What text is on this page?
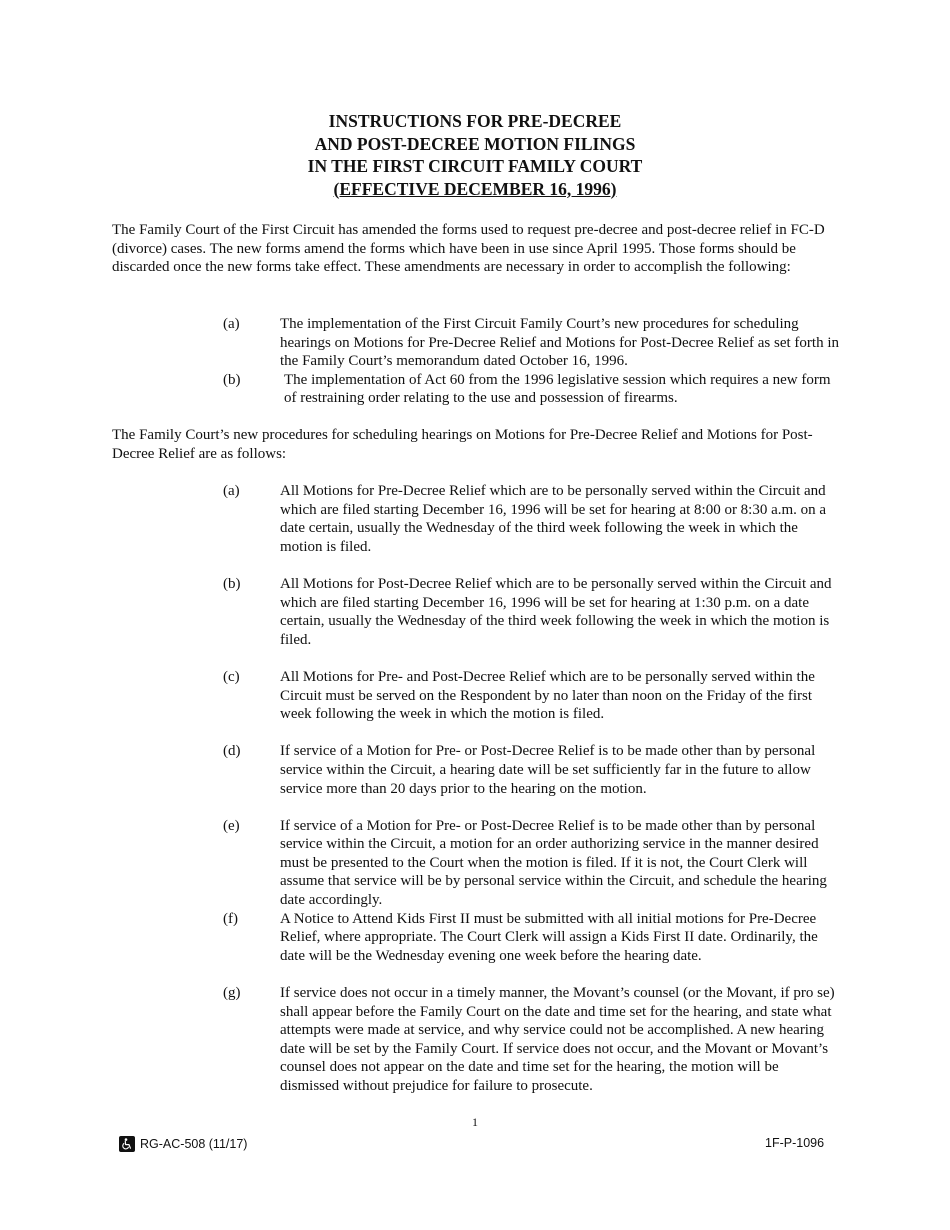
INSTRUCTIONS FOR PRE-DECREE
AND POST-DECREE MOTION FILINGS
IN THE FIRST CIRCUIT FAMILY COURT
(EFFECTIVE DECEMBER 16, 1996)

The Family Court of the First Circuit has amended the forms used to request pre-decree and post-decree relief in FC-D (divorce) cases. The new forms amend the forms which have been in use since April 1995. Those forms should be discarded once the new forms take effect. These amendments are necessary in order to accomplish the following:

(a)	The implementation of the First Circuit Family Court’s new procedures for scheduling hearings on Motions for Pre-Decree Relief and Motions for Post-Decree Relief as set forth in the Family Court’s memorandum dated October 16, 1996.
(b)	The implementation of Act 60 from the 1996 legislative session which requires a new form of restraining order relating to the use and possession of firearms.

The Family Court’s new procedures for scheduling hearings on Motions for Pre-Decree Relief and Motions for Post-Decree Relief are as follows:

(a)	All Motions for Pre-Decree Relief which are to be personally served within the Circuit and which are filed starting December 16, 1996 will be set for hearing at 8:00 or 8:30 a.m. on a date certain, usually the Wednesday of the third week following the week in which the motion is filed.
(b)	All Motions for Post-Decree Relief which are to be personally served within the Circuit and which are filed starting December 16, 1996 will be set for hearing at 1:30 p.m. on a date certain, usually the Wednesday of the third week following the week in which the motion is filed.
(c)	All Motions for Pre- and Post-Decree Relief which are to be personally served within the Circuit must be served on the Respondent by no later than noon on the Friday of the first week following the week in which the motion is filed.
(d)	If service of a Motion for Pre- or Post-Decree Relief is to be made other than by personal service within the Circuit, a hearing date will be set sufficiently far in the future to allow service more than 20 days prior to the hearing on the motion.
(e)	If service of a Motion for Pre- or Post-Decree Relief is to be made other than by personal service within the Circuit, a motion for an order authorizing service in the manner desired must be presented to the Court when the motion is filed. If it is not, the Court Clerk will assume that service will be by personal service within the Circuit, and schedule the hearing date accordingly.
(f)	A Notice to Attend Kids First II must be submitted with all initial motions for Pre-Decree Relief, where appropriate. The Court Clerk will assign a Kids First II date. Ordinarily, the date will be the Wednesday evening one week before the hearing date.
(g)	If service does not occur in a timely manner, the Movant’s counsel (or the Movant, if pro se) shall appear before the Family Court on the date and time set for the hearing, and state what attempts were made at service, and why service could not be accomplished. A new hearing date will be set by the Family Court. If service does not occur, and the Movant or Movant’s counsel does not appear on the date and time set for the hearing, the motion will be dismissed without prejudice for failure to prosecute.
1
RG-AC-508 (11/17)	1F-P-1096
